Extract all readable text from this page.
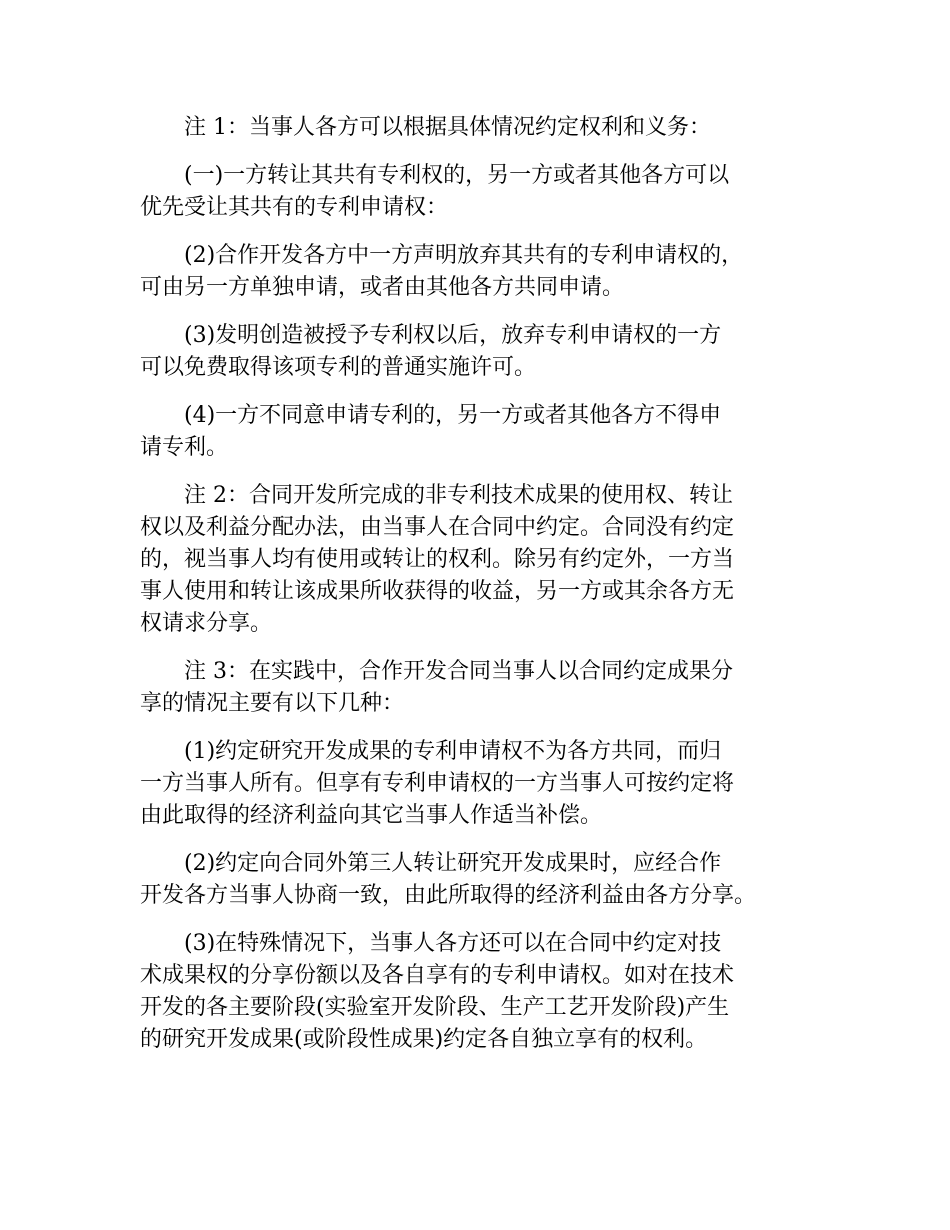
注 1：当事人各方可以根据具体情况约定权利和义务：

(一)一方转让其共有专利权的，另一方或者其他各方可以
优先受让其共有的专利申请权：

(2)合作开发各方中一方声明放弃其共有的专利申请权的，
可由另一方单独申请，或者由其他各方共同申请。

(3)发明创造被授予专利权以后，放弃专利申请权的一方
可以免费取得该项专利的普通实施许可。

(4)一方不同意申请专利的，另一方或者其他各方不得申
请专利。

注 2：合同开发所完成的非专利技术成果的使用权、转让
权以及利益分配办法，由当事人在合同中约定。合同没有约定
的，视当事人均有使用或转让的权利。除另有约定外，一方当
事人使用和转让该成果所收获得的收益，另一方或其余各方无
权请求分享。

注 3：在实践中，合作开发合同当事人以合同约定成果分
享的情况主要有以下几种：

(1)约定研究开发成果的专利申请权不为各方共同，而归
一方当事人所有。但享有专利申请权的一方当事人可按约定将
由此取得的经济利益向其它当事人作适当补偿。

(2)约定向合同外第三人转让研究开发成果时，应经合作
开发各方当事人协商一致，由此所取得的经济利益由各方分享。

(3)在特殊情况下，当事人各方还可以在合同中约定对技
术成果权的分享份额以及各自享有的专利申请权。如对在技术
开发的各主要阶段(实验室开发阶段、生产工艺开发阶段)产生
的研究开发成果(或阶段性成果)约定各自独立享有的权利。
